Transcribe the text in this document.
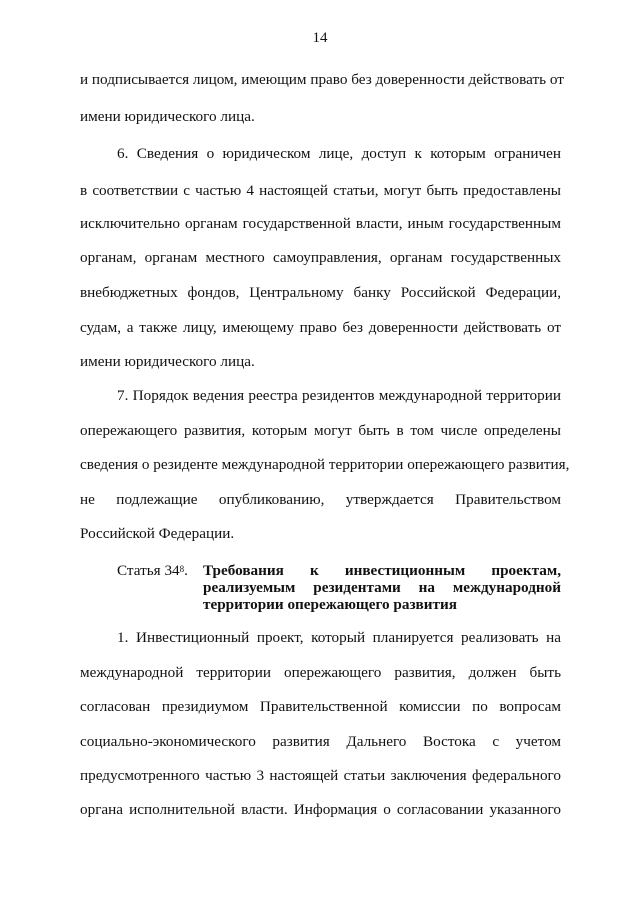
14
и подписывается лицом, имеющим право без доверенности действовать от
имени юридического лица.
6. Сведения о юридическом лице, доступ к которым ограничен
в соответствии с частью 4 настоящей статьи, могут быть предоставлены
исключительно органам государственной власти, иным государственным
органам, органам местного самоуправления, органам государственных
внебюджетных фондов, Центральному банку Российской Федерации,
судам, а также лицу, имеющему право без доверенности действовать от
имени юридического лица.
7. Порядок ведения реестра резидентов международной территории
опережающего развития, которым могут быть в том числе определены
сведения о резиденте международной территории опережающего развития,
не подлежащие опубликованию, утверждается Правительством
Российской Федерации.
Статья $34^8$. Требования к инвестиционным проектам,
реализуемым резидентами на международной
территории опережающего развития
1. Инвестиционный проект, который планируется реализовать на
международной территории опережающего развития, должен быть
согласован президиумом Правительственной комиссии по вопросам
социально-экономического развития Дальнего Востока с учетом
предусмотренного частью 3 настоящей статьи заключения федерального
органа исполнительной власти. Информация о согласовании указанного
